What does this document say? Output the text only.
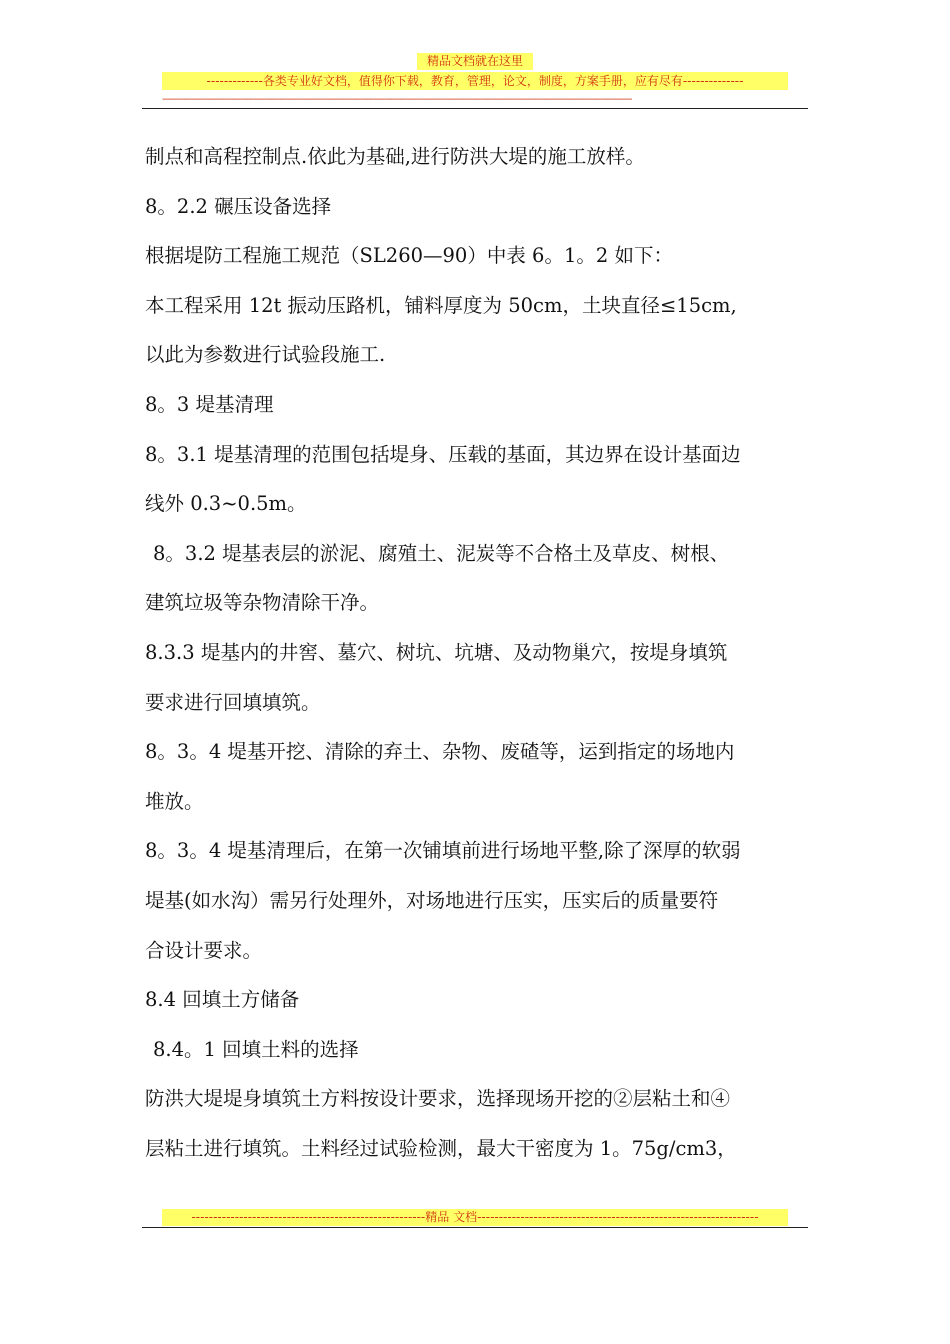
精品文档就在这里
-------------各类专业好文档，值得你下载，教育，管理，论文，制度，方案手册，应有尽有--------------
------------------------------------------------------------------------------------------------------------------------------------------------------------------------------------
制点和高程控制点.依此为基础,进行防洪大堤的施工放样。
8。2.2 碾压设备选择
根据堤防工程施工规范（SL260—90）中表 6。1。2 如下：
本工程采用 12t 振动压路机，铺料厚度为 50cm，土块直径≤15cm,
以此为参数进行试验段施工.
8。3 堤基清理
8。3.1 堤基清理的范围包括堤身、压载的基面，其边界在设计基面边
线外 0.3~0.5m。
8。3.2 堤基表层的淤泥、腐殖土、泥炭等不合格土及草皮、树根、
建筑垃圾等杂物清除干净。
8.3.3 堤基内的井窖、墓穴、树坑、坑塘、及动物巢穴，按堤身填筑
要求进行回填填筑。
8。3。4 堤基开挖、清除的弃土、杂物、废碴等，运到指定的场地内
堆放。
8。3。4 堤基清理后，在第一次铺填前进行场地平整,除了深厚的软弱
堤基(如水沟）需另行处理外，对场地进行压实，压实后的质量要符
合设计要求。
8.4 回填土方储备
8.4。1 回填土料的选择
防洪大堤堤身填筑土方料按设计要求，选择现场开挖的②层粘土和④
层粘土进行填筑。土料经过试验检测，最大干密度为 1。75g/cm3，
------------------------------------------------------精品 文档-----------------------------------------------------------------
